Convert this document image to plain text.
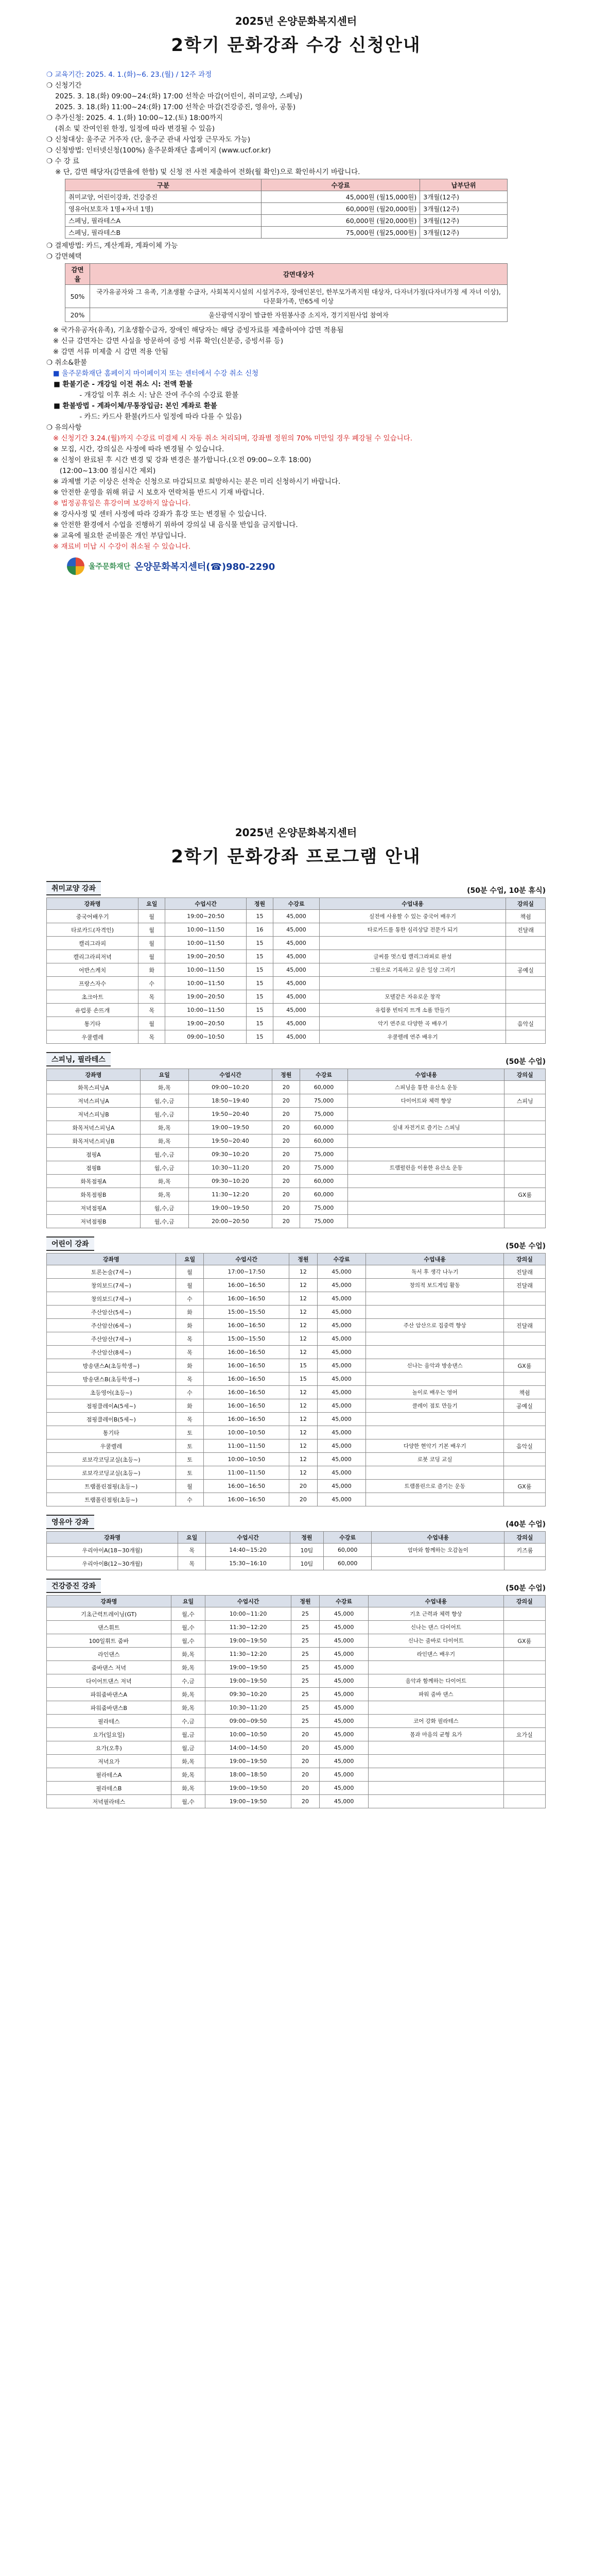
2025년 온양문화복지센터
2학기 문화강좌 수강 신청안내
❍ 교육기간: 2025. 4. 1.(화)~6. 23.(월) / 12주 과정
❍ 신청기간
2025. 3. 18.(화) 09:00~24:(화) 17:00 선착순 마감(어린이, 취미교양, 스페닝)
2025. 3. 18.(화) 11:00~24:(화) 17:00 선착순 마감(건강증진, 영유아, 공통)
❍ 추가신청: 2025. 4. 1.(화) 10:00~12.(토) 18:00까지
(취소 및 잔여인원 한정, 일정에 따라 변경될 수 있음)
❍ 신청대상: 울주군 거주자 (단, 울주군 관내 사업장 근무자도 가능)
❍ 신청방법: 인터넷신청(100%) 울주문화재단 홈페이지 (www.ucf.or.kr)
❍ 수 강 료
※ 단, 감면 해당자(감면율에 한함) 및 신청 전 사전 제출하여 전화(월 확인)으로 확인하시기 바랍니다.
구분	수강료	납부단위
취미교양, 어린이강좌, 건강증진	45,000원 (월15,000원)	3개월(12주)
영유아(보호자 1명+자녀 1명)	60,000원 (월20,000원)	3개월(12주)
스페닝, 필라테스A	60,000원 (월20,000원)	3개월(12주)
스페닝, 필라테스B	75,000원 (월25,000원)	3개월(12주)
❍ 결제방법: 카드, 계산계좌, 계좌이체 가능
❍ 감면혜택
감면율	감면대상자
50%	국가유공자와 그 유족, 기초생활 수급자, 사회복지시설의 시설거주자, 장애인본인, 한부모가족지원 대상자, 다자녀가정(다자녀가정 세 자녀 이상), 다문화가족, 만65세 이상
20%	울산광역시장이 발급한 자원봉사증 소지자, 경기지원사업 참여자
※ 국가유공자(유족), 기초생활수급자, 장애인 해당자는 해당 증빙자료를 제출하여야 감면 적용됨
※ 신규 감면자는 감면 사실을 방문하여 증빙 서류 확인(신분증, 증빙서류 등)
※ 감면 서류 미제출 시 감면 적용 안됨
❍ 취소&환불
■ 울주문화재단 홈페이지 마이페이지 또는 센터에서 수강 취소 신청
■ 환불기준 - 개강일 이전 취소 시: 전액 환불
- 개강일 이후 취소 시: 남은 잔여 주수의 수강료 환불
■ 환불방법 - 계좌이체/무통장입금: 본인 계좌로 환불
- 카드: 카드사 환불(카드사 일정에 따라 다를 수 있음)
❍ 유의사항
※ 신청기간 3.24.(월)까지 수강료 미결제 시 자동 취소 처리되며, 강좌별 정원의 70% 미만일 경우 폐강될 수 있습니다.
※ 모집, 시간, 강의실은 사정에 따라 변경될 수 있습니다.
※ 신청이 완료된 후 시간 변경 및 강좌 변경은 불가합니다.(오전 09:00~오후 18:00)
(12:00~13:00 점심시간 제외)
※ 과제별 기준 이상은 선착순 신청으로 마감되므로 희망하시는 분은 미리 신청하시기 바랍니다.
※ 안전한 운영을 위해 위급 시 보호자 연락처를 반드시 기재 바랍니다.
※ 법정공휴일은 휴강이며 보강하지 않습니다.
※ 강사사정 및 센터 사정에 따라 강좌가 휴강 또는 변경될 수 있습니다.
※ 안전한 환경에서 수업을 진행하기 위하여 강의실 내 음식물 반입을 금지합니다.
※ 교육에 필요한 준비물은 개인 부담입니다.
※ 재료비 미납 시 수강이 취소될 수 있습니다.
울주문화재단 온양문화복지센터(☎)980-2290
2025년 온양문화복지센터
2학기 문화강좌 프로그램 안내
취미교양 강좌	(50분 수업, 10분 휴식)
강좌명	요일	수업시간	정원	수강료	수업내용	강의실
중국어배우기	월	19:00~20:50	15	45,000	실전에 사용할 수 있는 중국어 배우기	책쉼
타로카드(자격인)	월	10:00~11:50	16	45,000	타로카드를 통한 심리상담 전문가 되기	진달래
캘리그라피	월	10:00~11:50	15	45,000		
캘리그라피저녁	월	19:00~20:50	15	45,000	글씨를 멋스럽 캘리그라피로 완성	
어반스케치	화	10:00~11:50	15	45,000	그림으로 기록하고 싶은 일상 그리기	공예실
프랑스자수	수	10:00~11:50	15	45,000		
초크아트	목	19:00~20:50	15	45,000	모델같은 자유로운 창작	
유럽풍 손뜨개	목	10:00~11:50	15	45,000	유럽풍 빈티지 뜨개 소품 만들기	
통기타	월	19:00~20:50	15	45,000	악기 연주로 다양한 곡 배우기	음악실
우쿨렐레	목	09:00~10:50	15	45,000	우쿨렐레 연주 배우기	
스피닝, 필라테스	(50분 수업)
강좌명	요일	수업시간	정원	수강료	수업내용	강의실
화목스피닝A	화,목	09:00~10:20	20	60,000	스피닝을 통한 유산소 운동	
저녁스피닝A	월,수,금	18:50~19:40	20	75,000	다이어트와 체력 향상	스피닝
저녁스피닝B	월,수,금	19:50~20:40	20	75,000		
화목저녁스피닝A	화,목	19:00~19:50	20	60,000	실내 자전거로 즐기는 스피닝	
화목저녁스피닝B	화,목	19:50~20:40	20	60,000		
점핑A	월,수,금	09:30~10:20	20	75,000		
점핑B	월,수,금	10:30~11:20	20	75,000	트램펄린을 이용한 유산소 운동	
화목점핑A	화,목	09:30~10:20	20	60,000		
화목점핑B	화,목	11:30~12:20	20	60,000		GX룸
저녁점핑A	월,수,금	19:00~19:50	20	75,000		
저녁점핑B	월,수,금	20:00~20:50	20	75,000		
어린이 강좌	(50분 수업)
강좌명	요일	수업시간	정원	수강료	수업내용	강의실
토론논술(7세~)	월	17:00~17:50	12	45,000	독서 후 생각 나누기	진달래
창의보드(7세~)	월	16:00~16:50	12	45,000	창의적 보드게임 활동	진달래
창의보드(7세~)	수	16:00~16:50	12	45,000		
주산암산(5세~)	화	15:00~15:50	12	45,000		
주산암산(6세~)	화	16:00~16:50	12	45,000	주산 암산으로 집중력 향상	진달래
주산암산(7세~)	목	15:00~15:50	12	45,000		
주산암산(8세~)	목	16:00~16:50	12	45,000		
방송댄스A(초등학생~)	화	16:00~16:50	15	45,000	신나는 음악과 방송댄스	GX룸
방송댄스B(초등학생~)	목	16:00~16:50	15	45,000		
초등영어(초등~)	수	16:00~16:50	12	45,000	놀이로 배우는 영어	책쉼
점핑클레이A(5세~)	화	16:00~16:50	12	45,000	클레이 점토 만들기	공예실
점핑클레이B(5세~)	목	16:00~16:50	12	45,000		
통기타	토	10:00~10:50	12	45,000		
우쿨렐레	토	11:00~11:50	12	45,000	다양한 현악기 기본 배우기	음악실
로보각코딩교실(초등~)	토	10:00~10:50	12	45,000	로봇 코딩 교실	
로보각코딩교실(초등~)	토	11:00~11:50	12	45,000		
트램폴린점핑(초등~)	월	16:00~16:50	20	45,000	트램폴린으로 즐기는 운동	GX룸
트램폴린점핑(초등~)	수	16:00~16:50	20	45,000		
영유아 강좌	(40분 수업)
강좌명	요일	수업시간	정원	수강료	수업내용	강의실
우리아이A(18~30개월)	목	14:40~15:20	10팀	60,000	엄마와 함께하는 오감놀이	키즈룸
우리아이B(12~30개월)	목	15:30~16:10	10팀	60,000		
건강증진 강좌	(50분 수업)
강좌명	요일	수업시간	정원	수강료	수업내용	강의실
기초근력트레이닝(GT)	월,수	10:00~11:20	25	45,000	기초 근력과 체력 향상	
댄스휘트	월,수	11:30~12:20	25	45,000	신나는 댄스 다이어트	
100일휘트 줌바	월,수	19:00~19:50	25	45,000	신나는 줌바로 다이어트	GX룸
라인댄스	화,목	11:30~12:20	25	45,000	라인댄스 배우기	
줌바댄스 저녁	화,목	19:00~19:50	25	45,000		
다이어트댄스 저녁	수,금	19:00~19:50	25	45,000	음악과 함께하는 다이어트	
파워줌바댄스A	화,목	09:30~10:20	25	45,000	파워 줌바 댄스	
파워줌바댄스B	화,목	10:30~11:20	25	45,000		
필라테스	수,금	09:00~09:50	25	45,000	코어 강화 필라테스	
요가(일요일)	월,금	10:00~10:50	20	45,000	몸과 마음의 균형 요가	요가실
요가(오후)	월,금	14:00~14:50	20	45,000		
저녁요가	화,목	19:00~19:50	20	45,000		
필라테스A	화,목	18:00~18:50	20	45,000		
필라테스B	화,목	19:00~19:50	20	45,000		
저녁필라테스	월,수	19:00~19:50	20	45,000		
